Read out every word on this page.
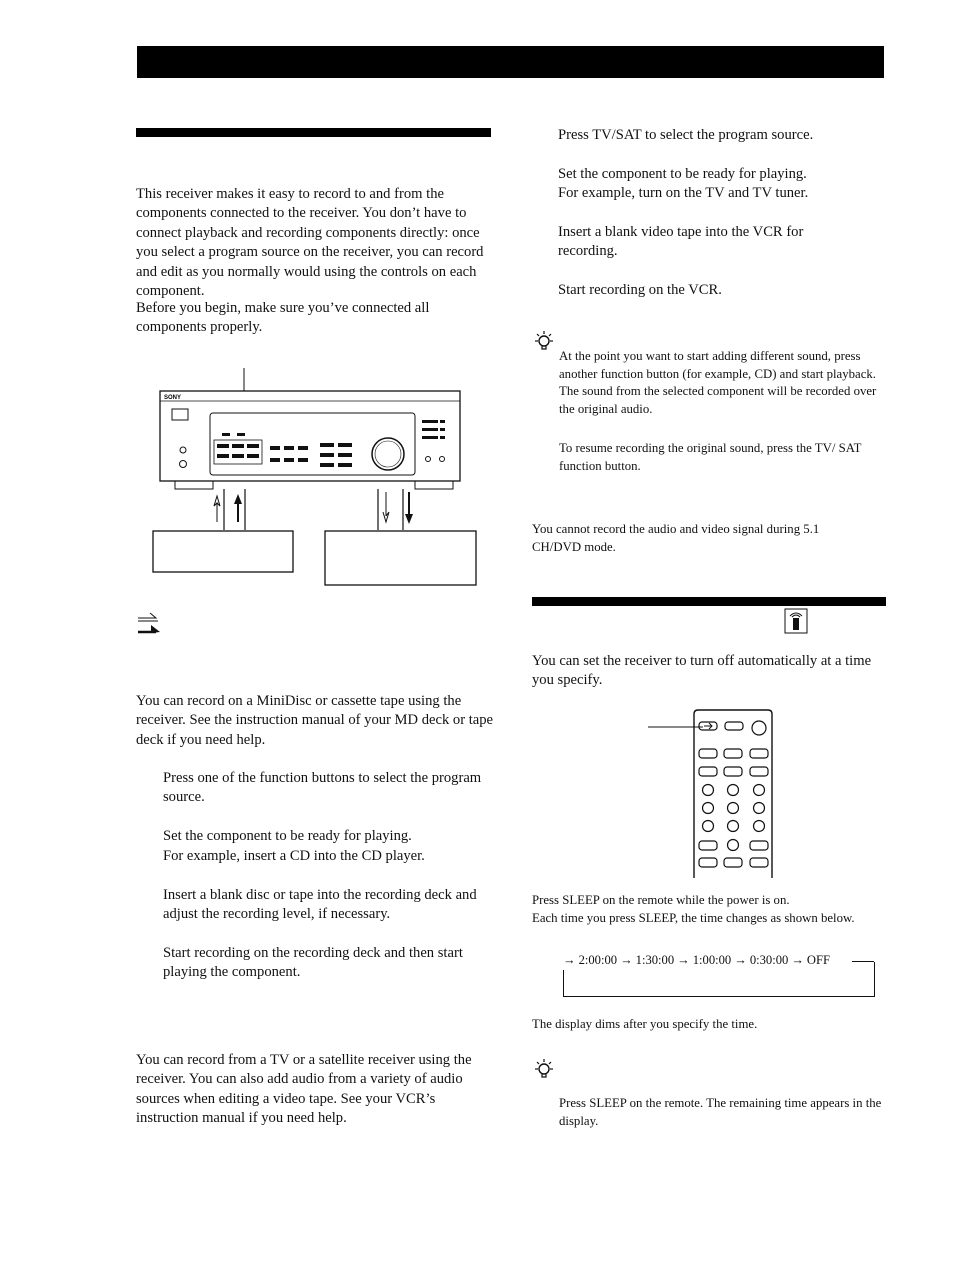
This receiver makes it easy to record to and from the components connected to the receiver. You don’t have to connect playback and recording components directly: once you select a program source on the receiver, you can record and edit as you normally would using the controls on each component.

Before you begin, make sure you’ve connected all components properly.

SONY

You can record on a MiniDisc or cassette tape using the receiver. See the instruction manual of your MD deck or tape deck if you need help.

Press one of the function buttons to select the program source.

Set the component to be ready for playing.

For example, insert a CD into the CD player.

Insert a blank disc or tape into the recording deck and adjust the recording level, if necessary.

Start recording on the recording deck and then start playing the component.

You can record from a TV or a satellite receiver using the receiver. You can also add audio from a variety of audio sources when editing a video tape. See your VCR’s instruction manual if you need help.

Press TV/SAT to select the program source.

Set the component to be ready for playing.

For example, turn on the TV and TV tuner.

Insert a blank video tape into the VCR for recording.

Start recording on the VCR.

At the point you want to start adding different sound, press another function button (for example, CD) and start playback. The sound from the selected component will be recorded over the original audio.

To resume recording the original sound, press the TV/ SAT function button.

You cannot record the audio and video signal during 5.1 CH/DVD mode.

You can set the receiver to turn off automatically at a time you specify.

Press SLEEP on the remote while the power is on.

Each time you press SLEEP, the time changes as shown below.

→ 2:00:00 → 1:30:00 → 1:00:00 → 0:30:00 → OFF

The display dims after you specify the time.

Press SLEEP on the remote. The remaining time appears in the display.
